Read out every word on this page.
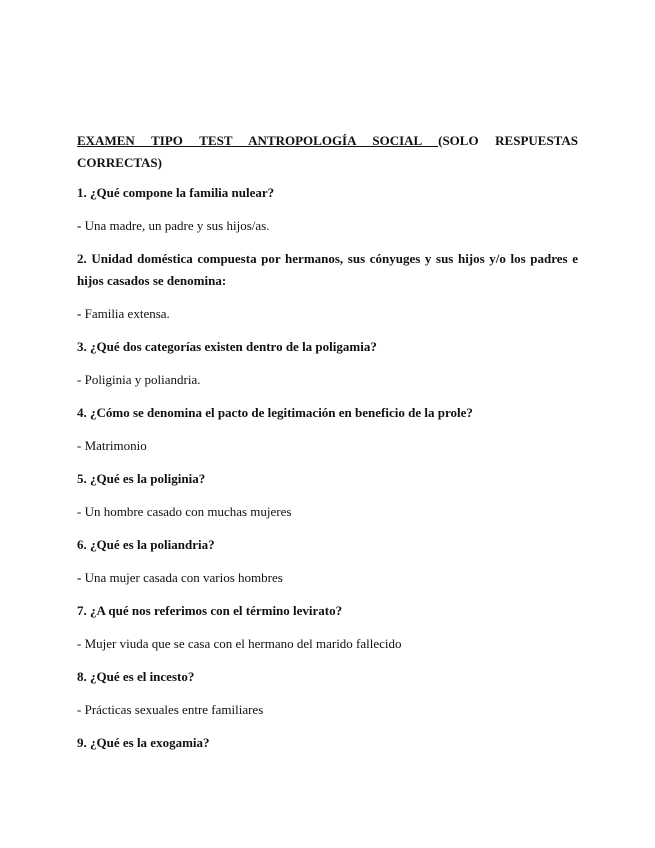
EXAMEN TIPO TEST ANTROPOLOGÍA SOCIAL (SOLO RESPUESTAS CORRECTAS)

1. ¿Qué compone la familia nulear?

- Una madre, un padre y sus hijos/as.

2. Unidad doméstica compuesta por hermanos, sus cónyuges y sus hijos y/o los padres e hijos casados se denomina:

- Familia extensa.

3. ¿Qué dos categorías existen dentro de la poligamia?

- Poliginia y poliandria.

4. ¿Cómo se denomina el pacto de legitimación en beneficio de la prole?

- Matrimonio

5. ¿Qué es la poliginia?

- Un hombre casado con muchas mujeres

6. ¿Qué es la poliandria?

- Una mujer casada con varios hombres

7. ¿A qué nos referimos con el término levirato?

- Mujer viuda que se casa con el hermano del marido fallecido

8. ¿Qué es el incesto?

- Prácticas sexuales entre familiares

9. ¿Qué es la exogamia?
